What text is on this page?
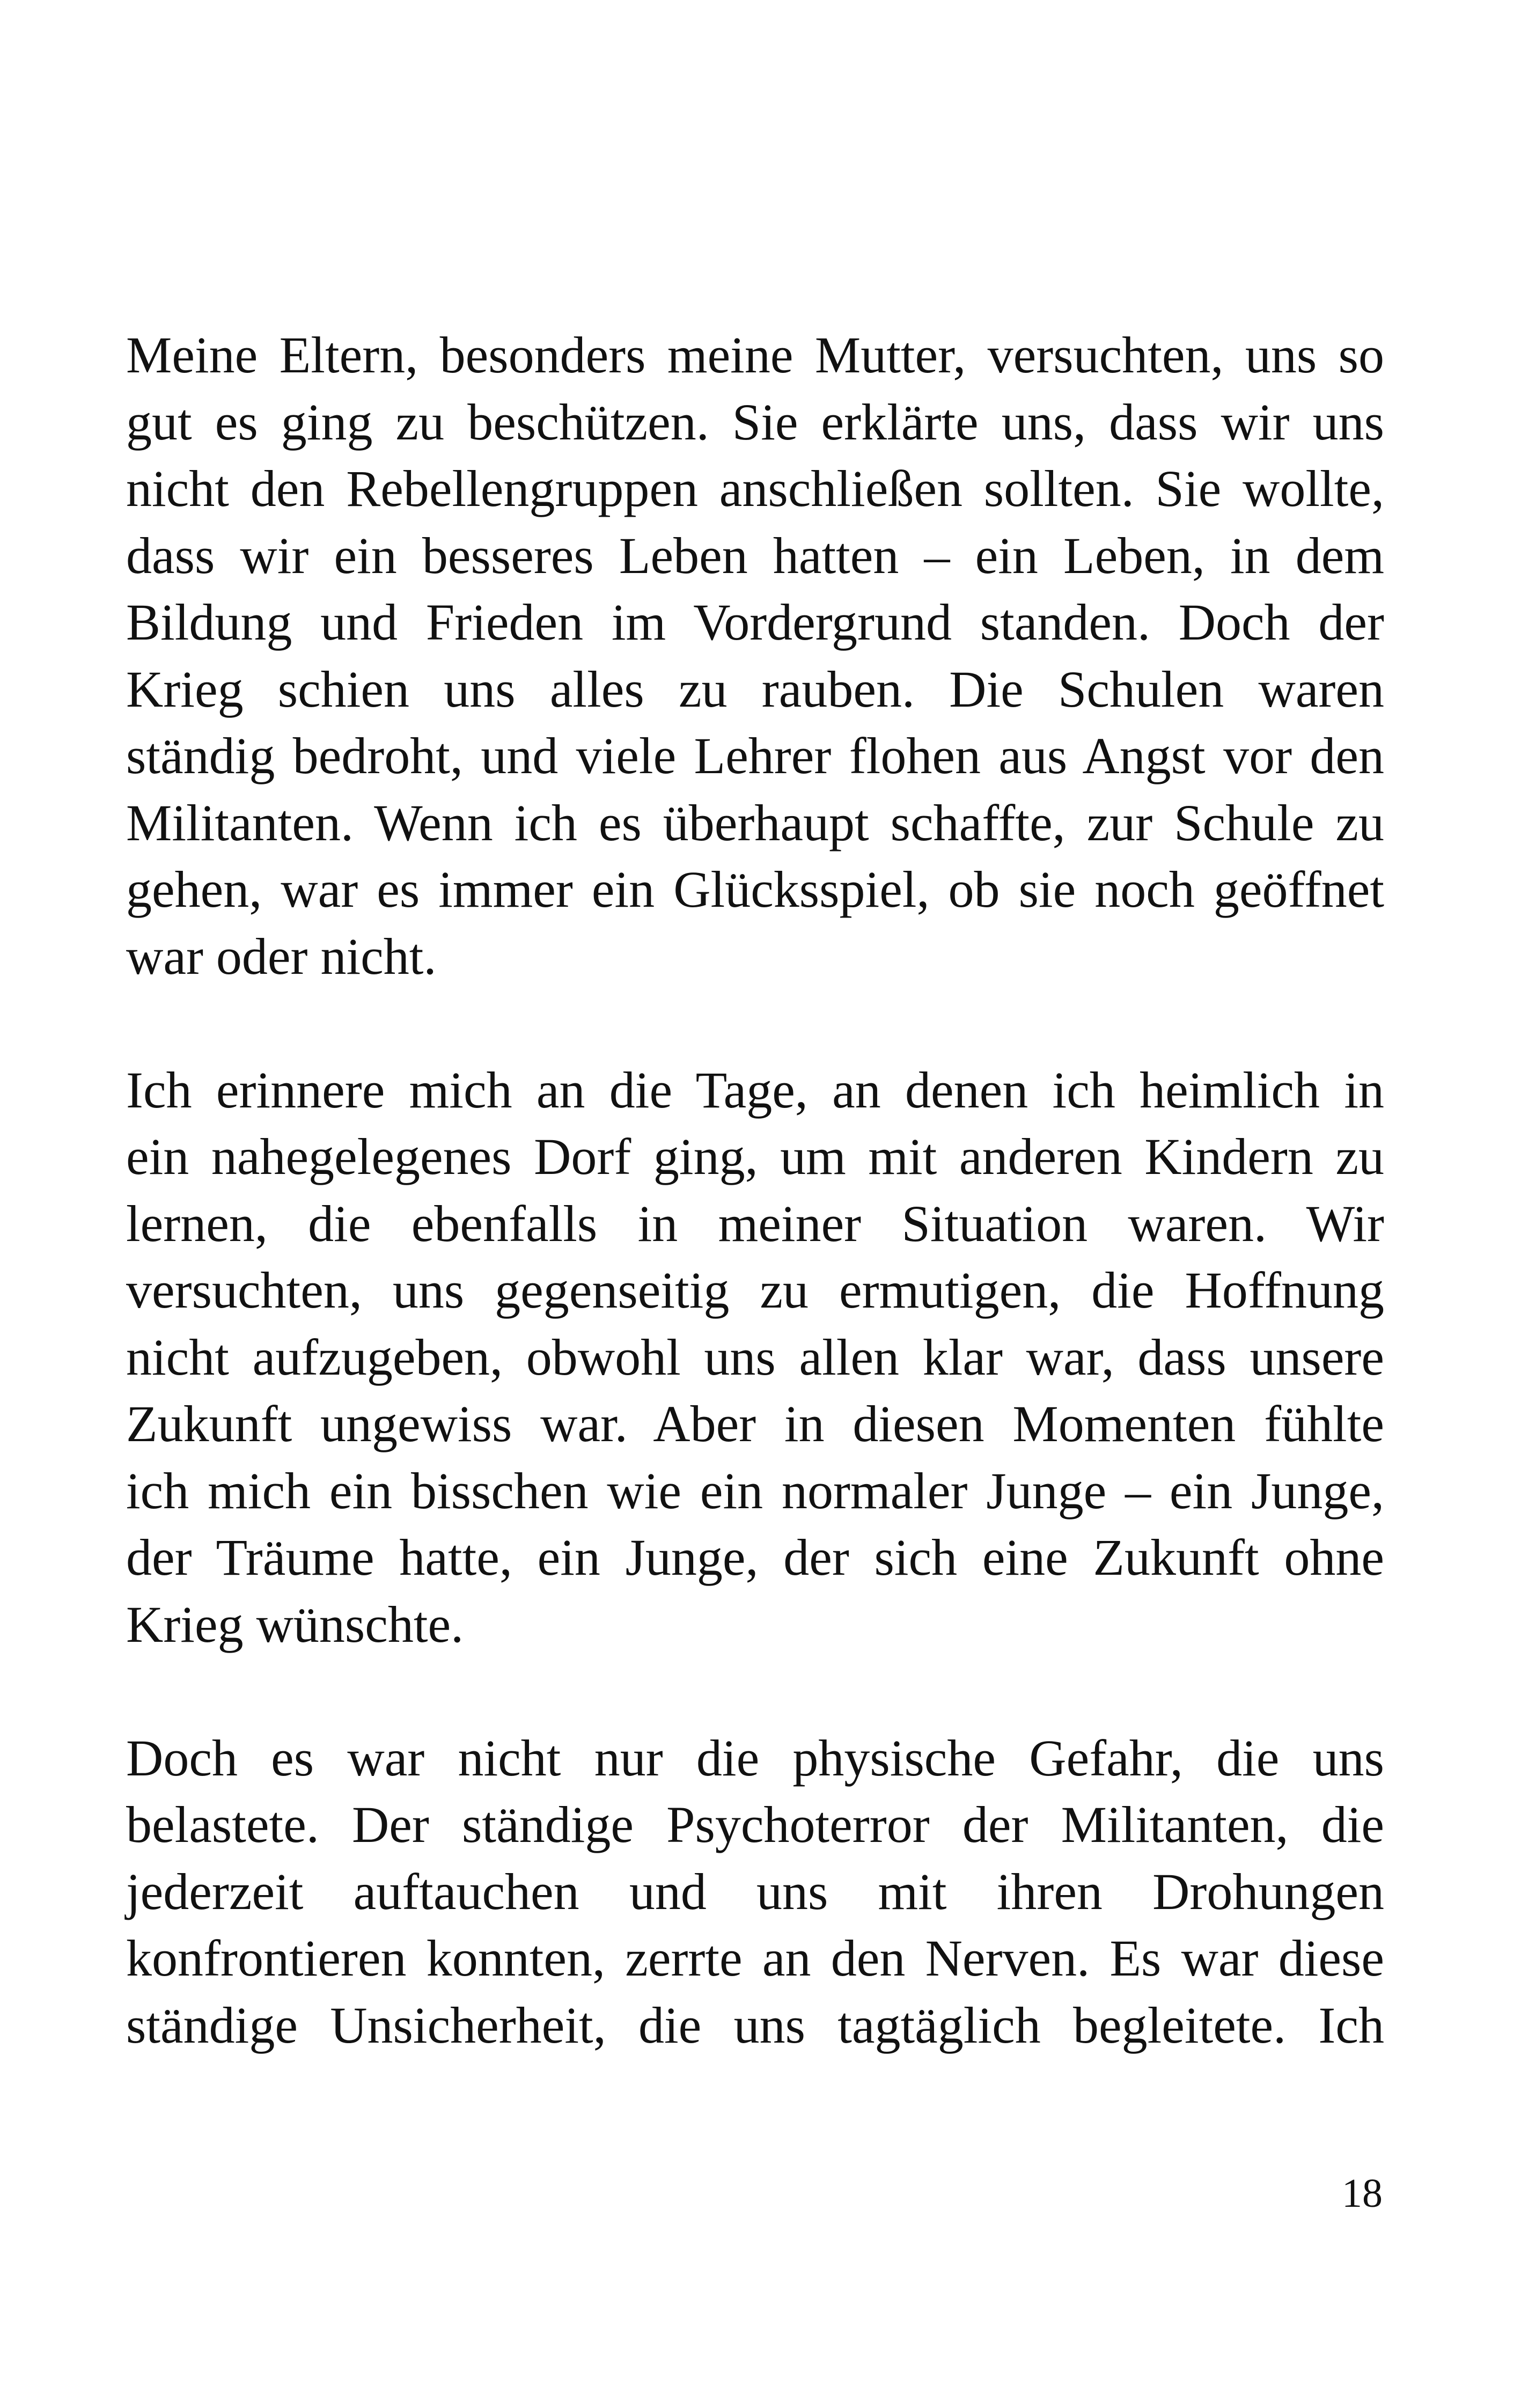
Meine Eltern, besonders meine Mutter, versuchten, uns so
gut es ging zu beschützen. Sie erklärte uns, dass wir uns
nicht den Rebellengruppen anschließen sollten. Sie wollte,
dass wir ein besseres Leben hatten – ein Leben, in dem
Bildung und Frieden im Vordergrund standen. Doch der
Krieg schien uns alles zu rauben. Die Schulen waren
ständig bedroht, und viele Lehrer flohen aus Angst vor den
Militanten. Wenn ich es überhaupt schaffte, zur Schule zu
gehen, war es immer ein Glücksspiel, ob sie noch geöffnet
war oder nicht.

Ich erinnere mich an die Tage, an denen ich heimlich in
ein nahegelegenes Dorf ging, um mit anderen Kindern zu
lernen, die ebenfalls in meiner Situation waren. Wir
versuchten, uns gegenseitig zu ermutigen, die Hoffnung
nicht aufzugeben, obwohl uns allen klar war, dass unsere
Zukunft ungewiss war. Aber in diesen Momenten fühlte
ich mich ein bisschen wie ein normaler Junge – ein Junge,
der Träume hatte, ein Junge, der sich eine Zukunft ohne
Krieg wünschte.

Doch es war nicht nur die physische Gefahr, die uns
belastete. Der ständige Psychoterror der Militanten, die
jederzeit auftauchen und uns mit ihren Drohungen
konfrontieren konnten, zerrte an den Nerven. Es war diese
ständige Unsicherheit, die uns tagtäglich begleitete. Ich

18
